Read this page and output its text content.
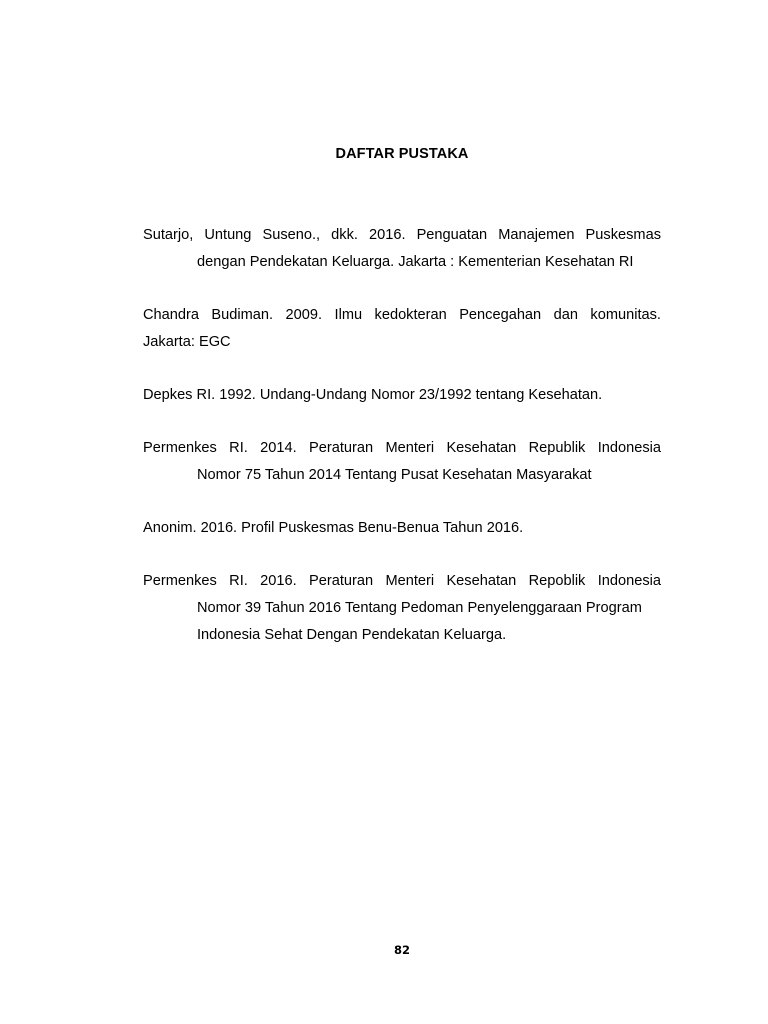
DAFTAR PUSTAKA
Sutarjo, Untung Suseno., dkk. 2016. Penguatan Manajemen Puskesmas
dengan Pendekatan Keluarga. Jakarta : Kementerian Kesehatan RI
Chandra Budiman. 2009. Ilmu kedokteran Pencegahan dan komunitas.
Jakarta: EGC
Depkes RI. 1992. Undang-Undang Nomor 23/1992 tentang Kesehatan.
Permenkes RI. 2014. Peraturan Menteri Kesehatan Republik Indonesia
Nomor 75 Tahun 2014 Tentang Pusat Kesehatan Masyarakat
Anonim. 2016. Profil Puskesmas Benu-Benua Tahun 2016.
Permenkes RI. 2016. Peraturan Menteri Kesehatan Repoblik Indonesia
Nomor 39 Tahun 2016 Tentang Pedoman Penyelenggaraan Program
Indonesia Sehat Dengan Pendekatan Keluarga.
82
